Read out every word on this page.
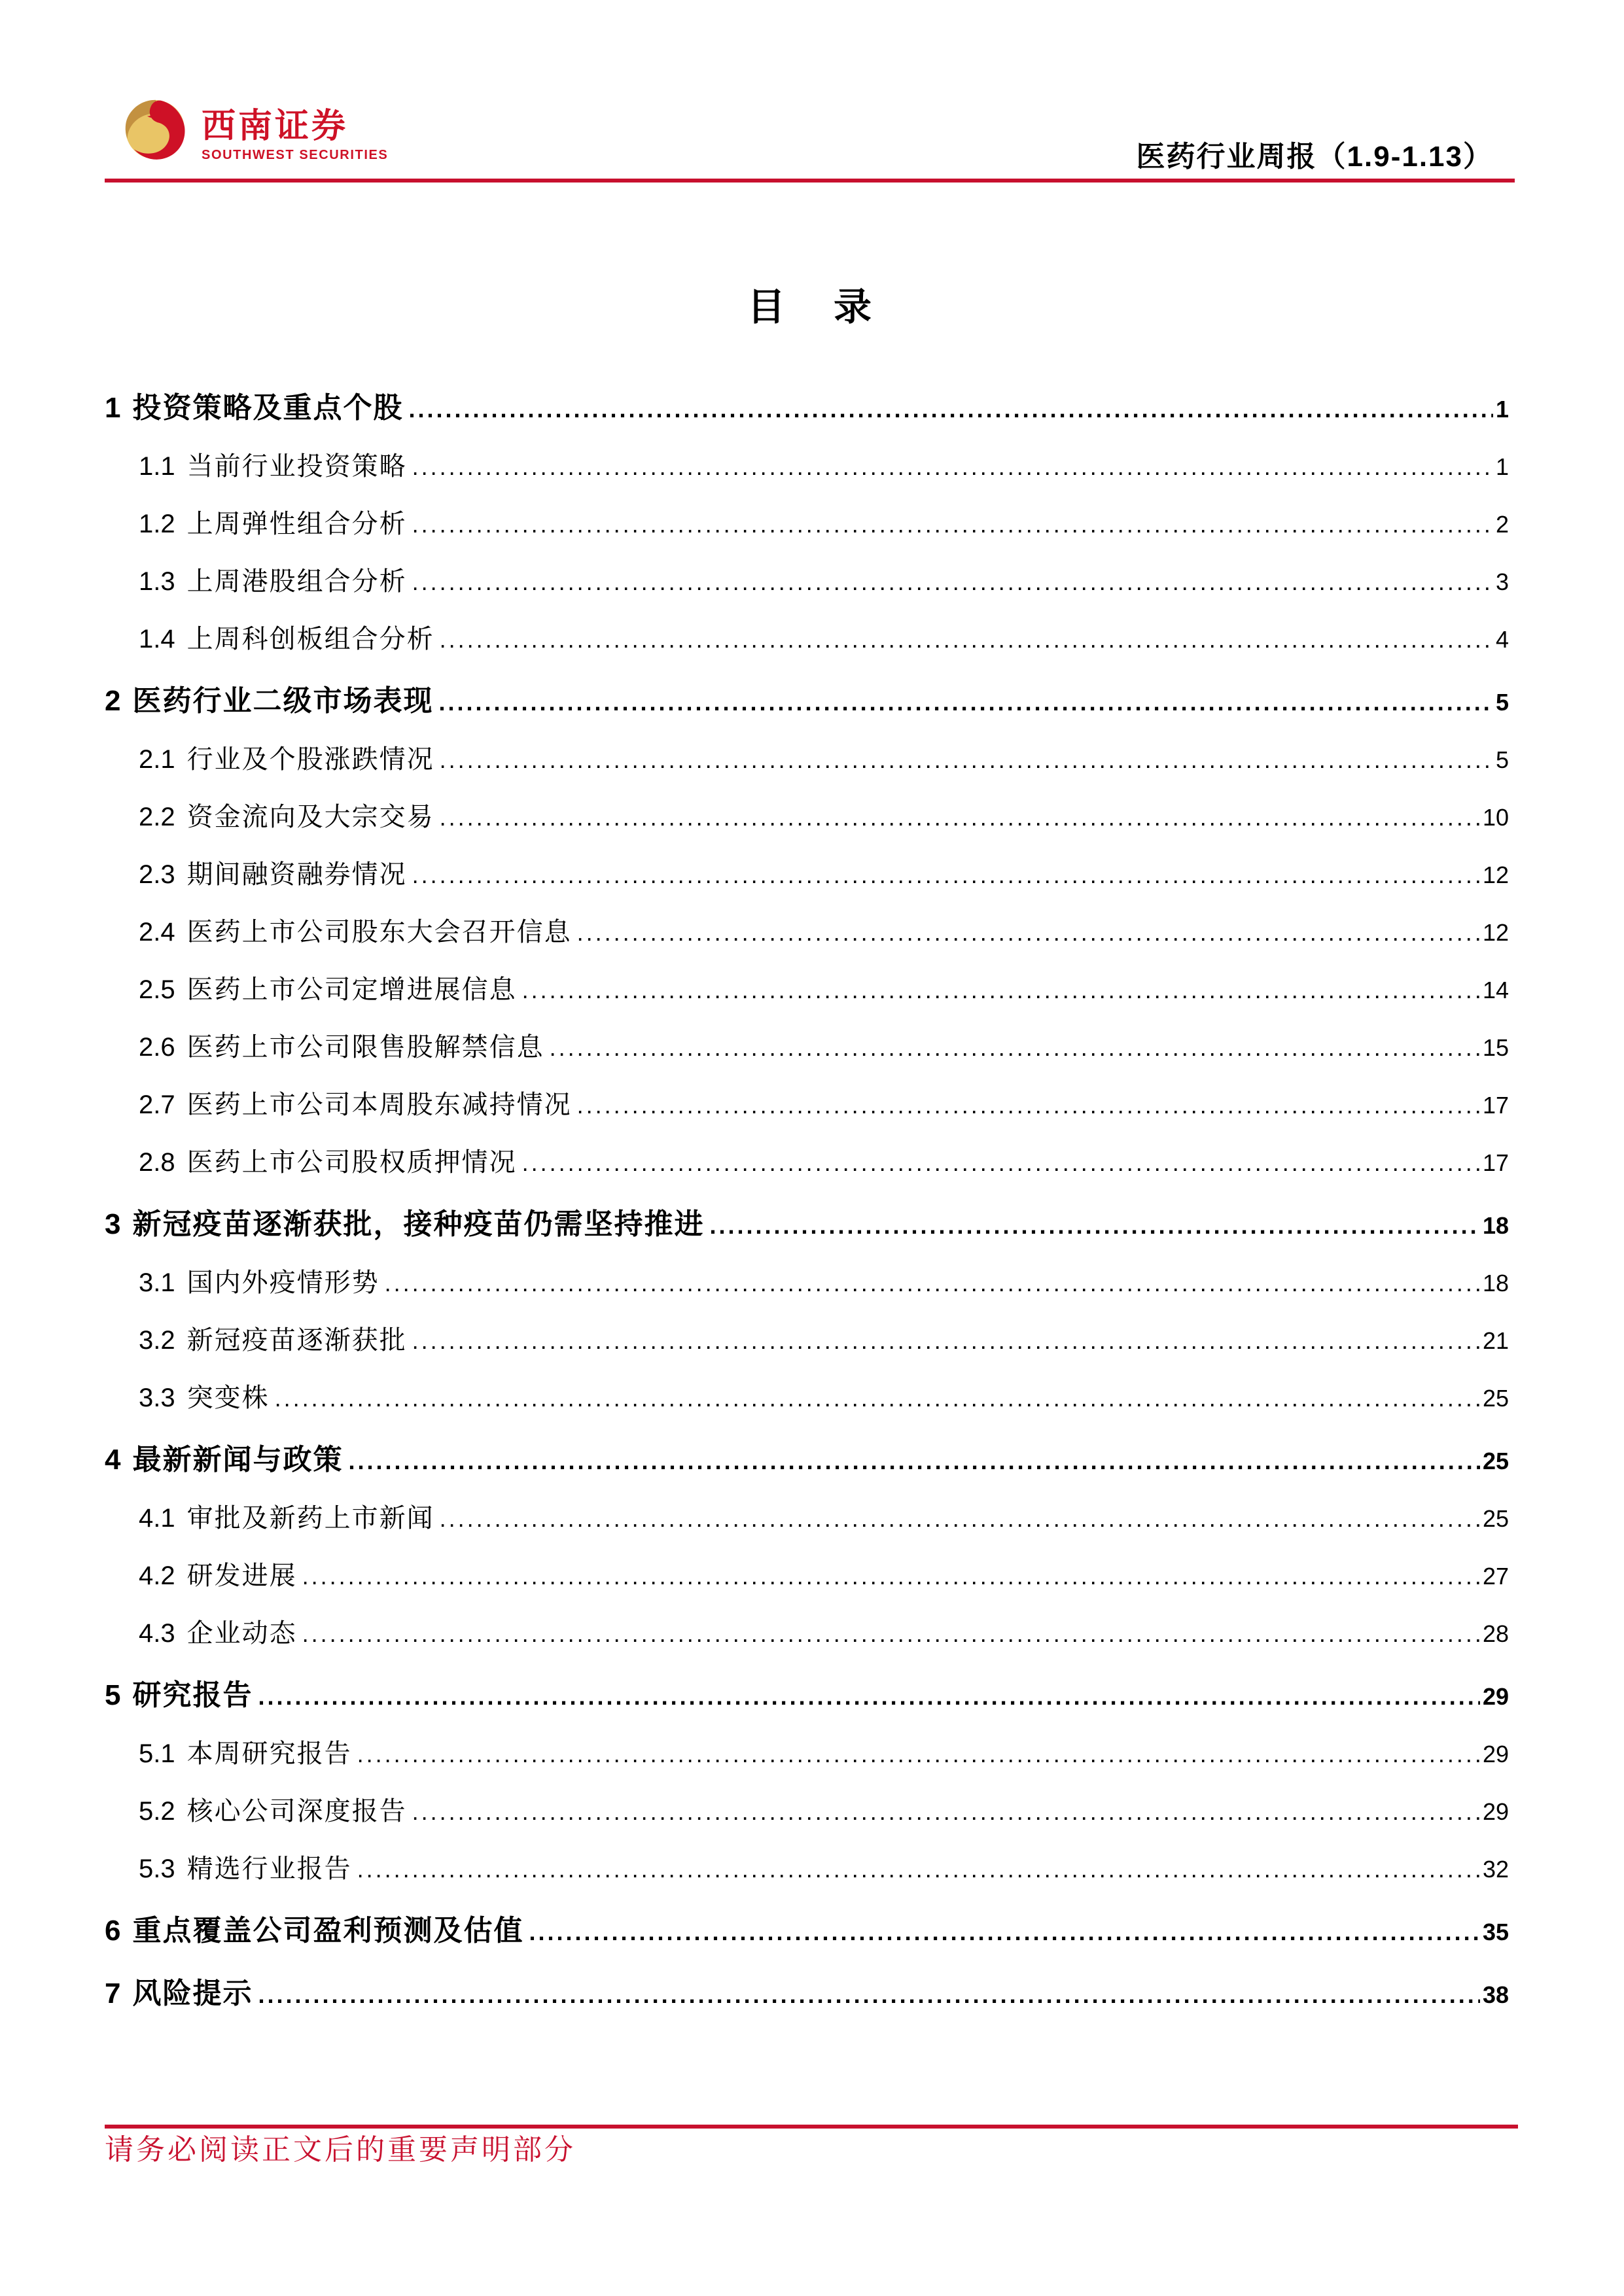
西南证券
SOUTHWEST SECURITIES	医药行业周报（1.9-1.13）
目　录
1 投资策略及重点个股 .....	1
1.1 当前行业投资策略 .....	1
1.2 上周弹性组合分析 .....	2
1.3 上周港股组合分析 .....	3
1.4 上周科创板组合分析 .....	4
2 医药行业二级市场表现 .....	5
2.1 行业及个股涨跌情况 .....	5
2.2 资金流向及大宗交易 .....	10
2.3 期间融资融券情况 .....	12
2.4 医药上市公司股东大会召开信息 .....	12
2.5 医药上市公司定增进展信息 .....	14
2.6 医药上市公司限售股解禁信息 .....	15
2.7 医药上市公司本周股东减持情况 .....	17
2.8 医药上市公司股权质押情况 .....	17
3 新冠疫苗逐渐获批，接种疫苗仍需坚持推进 .....	18
3.1 国内外疫情形势 .....	18
3.2 新冠疫苗逐渐获批 .....	21
3.3 突变株 .....	25
4 最新新闻与政策 .....	25
4.1 审批及新药上市新闻 .....	25
4.2 研发进展 .....	27
4.3 企业动态 .....	28
5 研究报告 .....	29
5.1 本周研究报告 .....	29
5.2 核心公司深度报告 .....	29
5.3 精选行业报告 .....	32
6 重点覆盖公司盈利预测及估值 .....	35
7 风险提示 .....	38
请务必阅读正文后的重要声明部分
